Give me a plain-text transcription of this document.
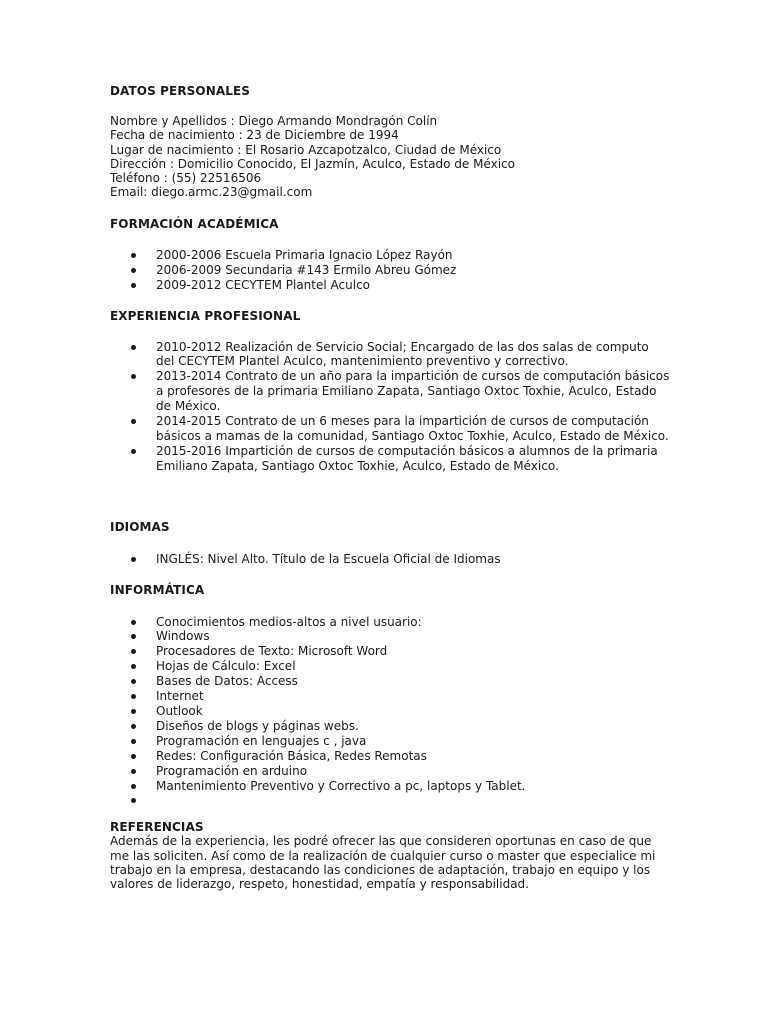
DATOS PERSONALES

Nombre y Apellidos : Diego Armando Mondragón Colín

Fecha de nacimiento : 23 de Diciembre de 1994

Lugar de nacimiento : El Rosario Azcapotzalco, Ciudad de México

Dirección : Domicilio Conocido, El Jazmín, Aculco, Estado de México

Teléfono : (55) 22516506

Email: diego.armc.23@gmail.com

FORMACIÓN ACADÉMICA

2000-2006 Escuela Primaria Ignacio López Rayón
2006-2009 Secundaria #143 Ermilo Abreu Gómez
2009-2012 CECYTEM Plantel Aculco

EXPERIENCIA PROFESIONAL

2010-2012 Realización de Servicio Social; Encargado de las dos salas de computo del CECYTEM Plantel Aculco, mantenimiento preventivo y correctivo.
2013-2014 Contrato de un año para la impartición de cursos de computación básicos a profesores de la primaria Emiliano Zapata, Santiago Oxtoc Toxhie, Aculco, Estado de México.
2014-2015 Contrato de un 6 meses para la impartición de cursos de computación básicos a mamas de la comunidad, Santiago Oxtoc Toxhie, Aculco, Estado de México.
2015-2016 Impartición de cursos de computación básicos a alumnos de la primaria Emiliano Zapata, Santiago Oxtoc Toxhie, Aculco, Estado de México.

IDIOMAS

INGLÉS: Nivel Alto. Título de la Escuela Oficial de Idiomas

INFORMÁTICA

Conocimientos medios-altos a nivel usuario:
Windows
Procesadores de Texto: Microsoft Word
Hojas de Cálculo: Excel
Bases de Datos: Access
Internet
Outlook
Diseños de blogs y páginas webs.
Programación en lenguajes c , java
Redes: Configuración Básica, Redes Remotas
Programación en arduino
Mantenimiento Preventivo y Correctivo a pc, laptops y Tablet.

REFERENCIAS

Además de la experiencia, les podré ofrecer las que consideren oportunas en caso de que me las soliciten. Así como de la realización de cualquier curso o master que especialice mi trabajo en la empresa, destacando las condiciones de adaptación, trabajo en equipo y los valores de liderazgo, respeto, honestidad, empatía y responsabilidad.
